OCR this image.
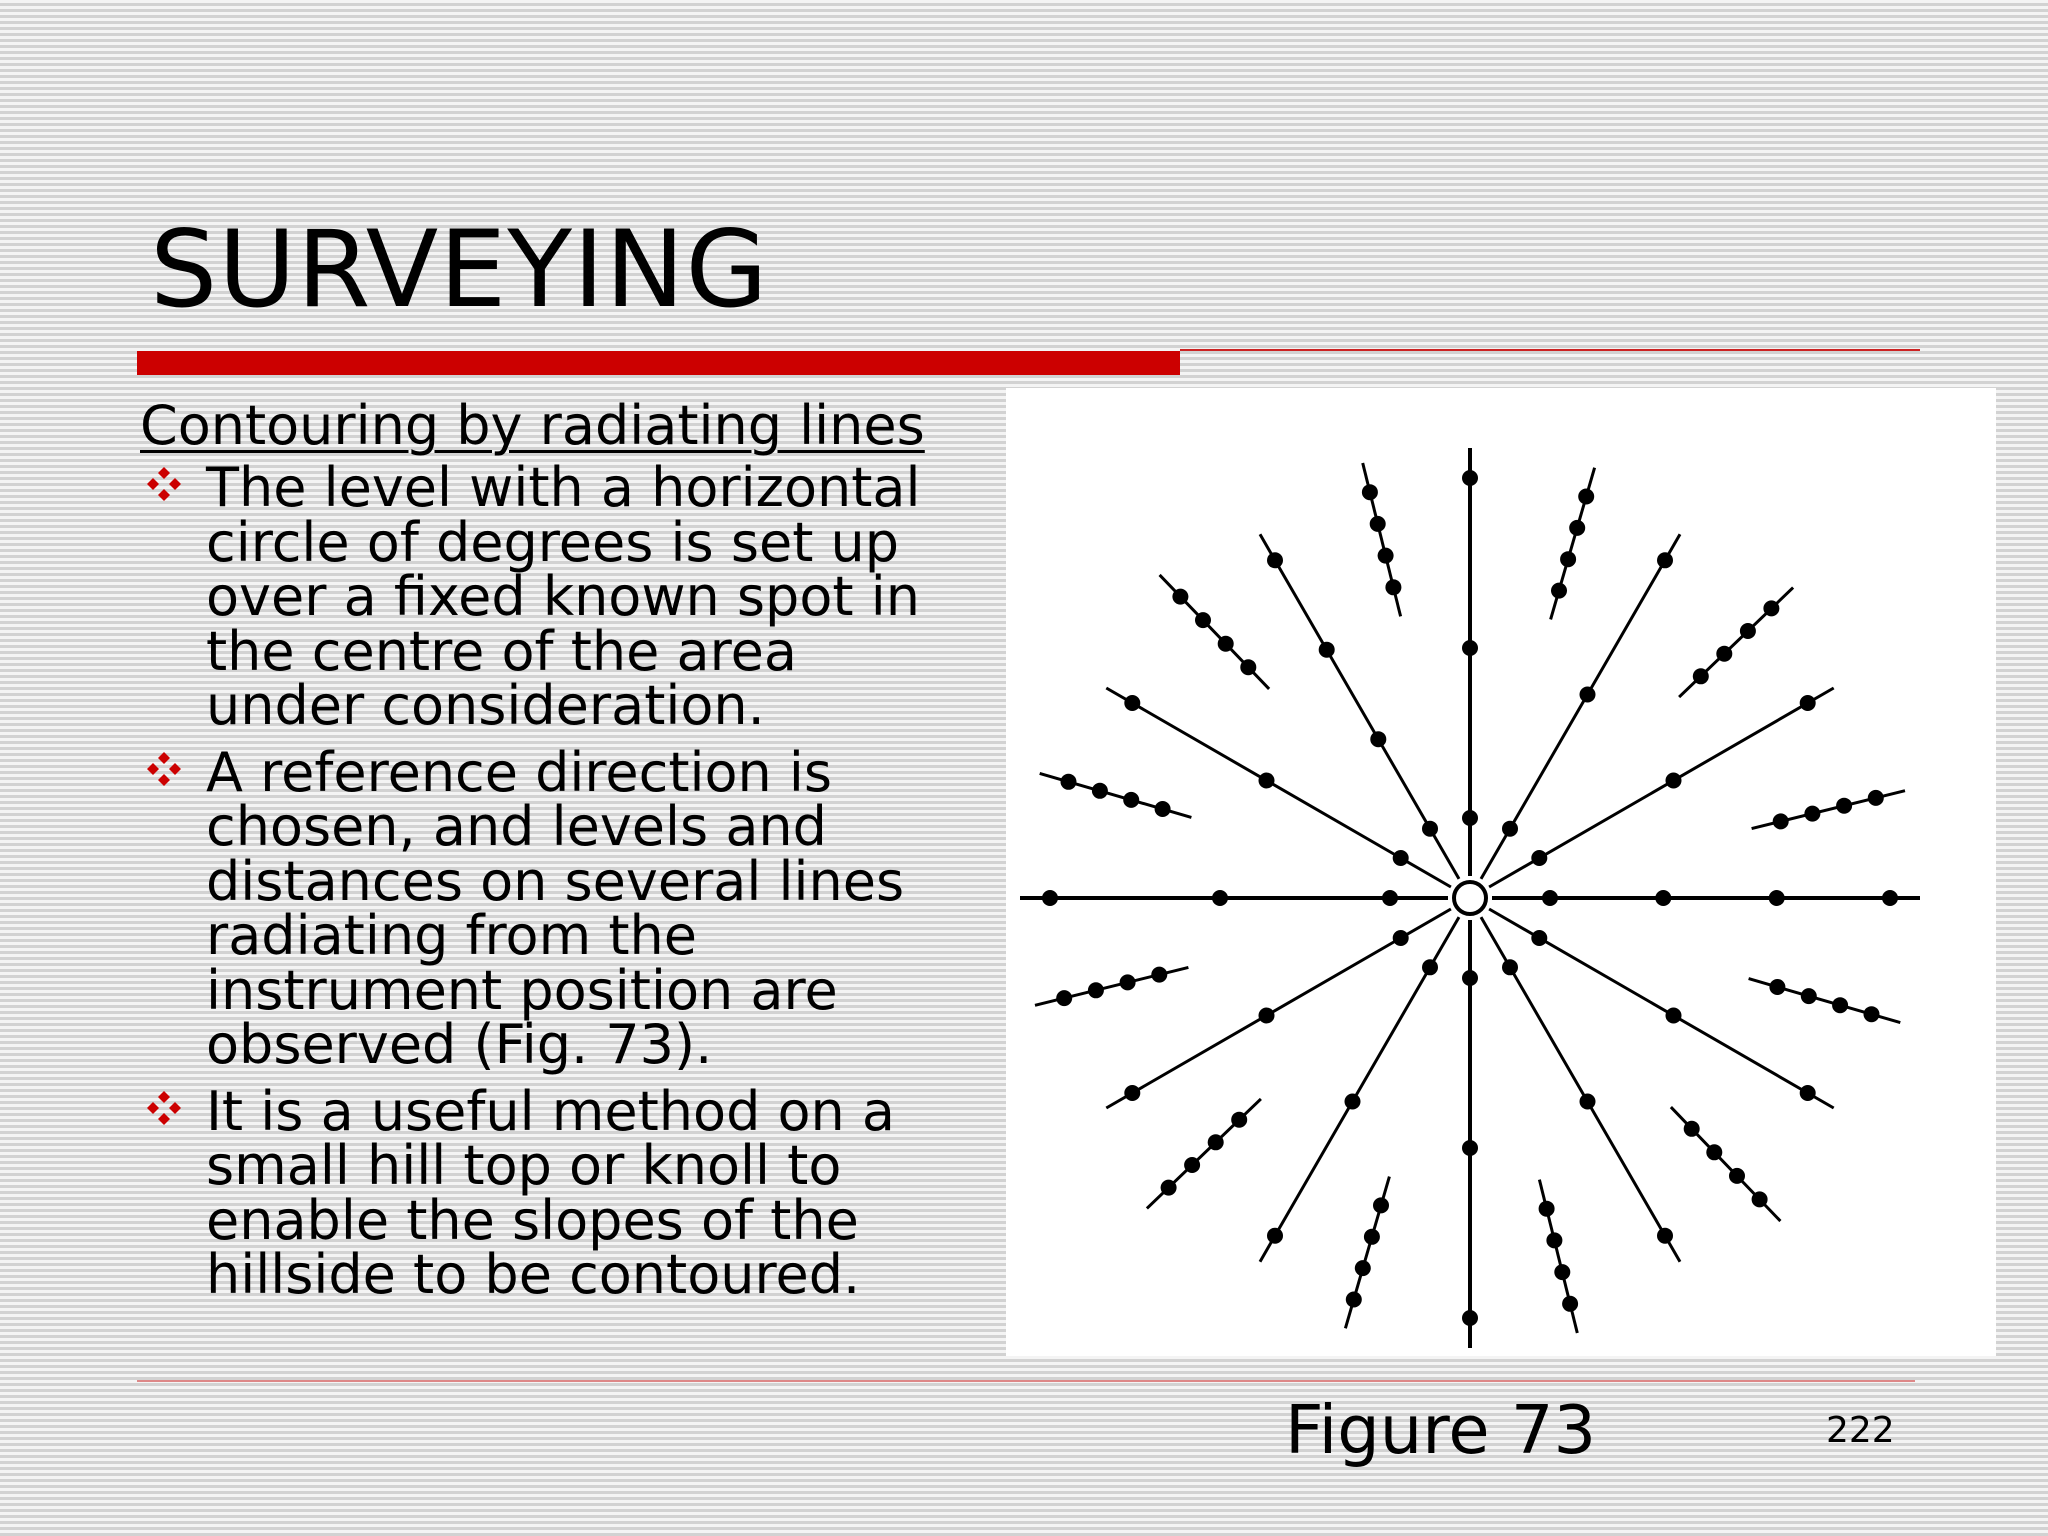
SURVEYING
Contouring by radiating lines
The level with a horizontal
circle of degrees is set up
over a fixed known spot in
the centre of the area
under consideration.
A reference direction is
chosen, and levels and
distances on several lines
radiating from the
instrument position are
observed (Fig. 73).
It is a useful method on a
small hill top or knoll to
enable the slopes of the
hillside to be contoured.
Figure 73	222
